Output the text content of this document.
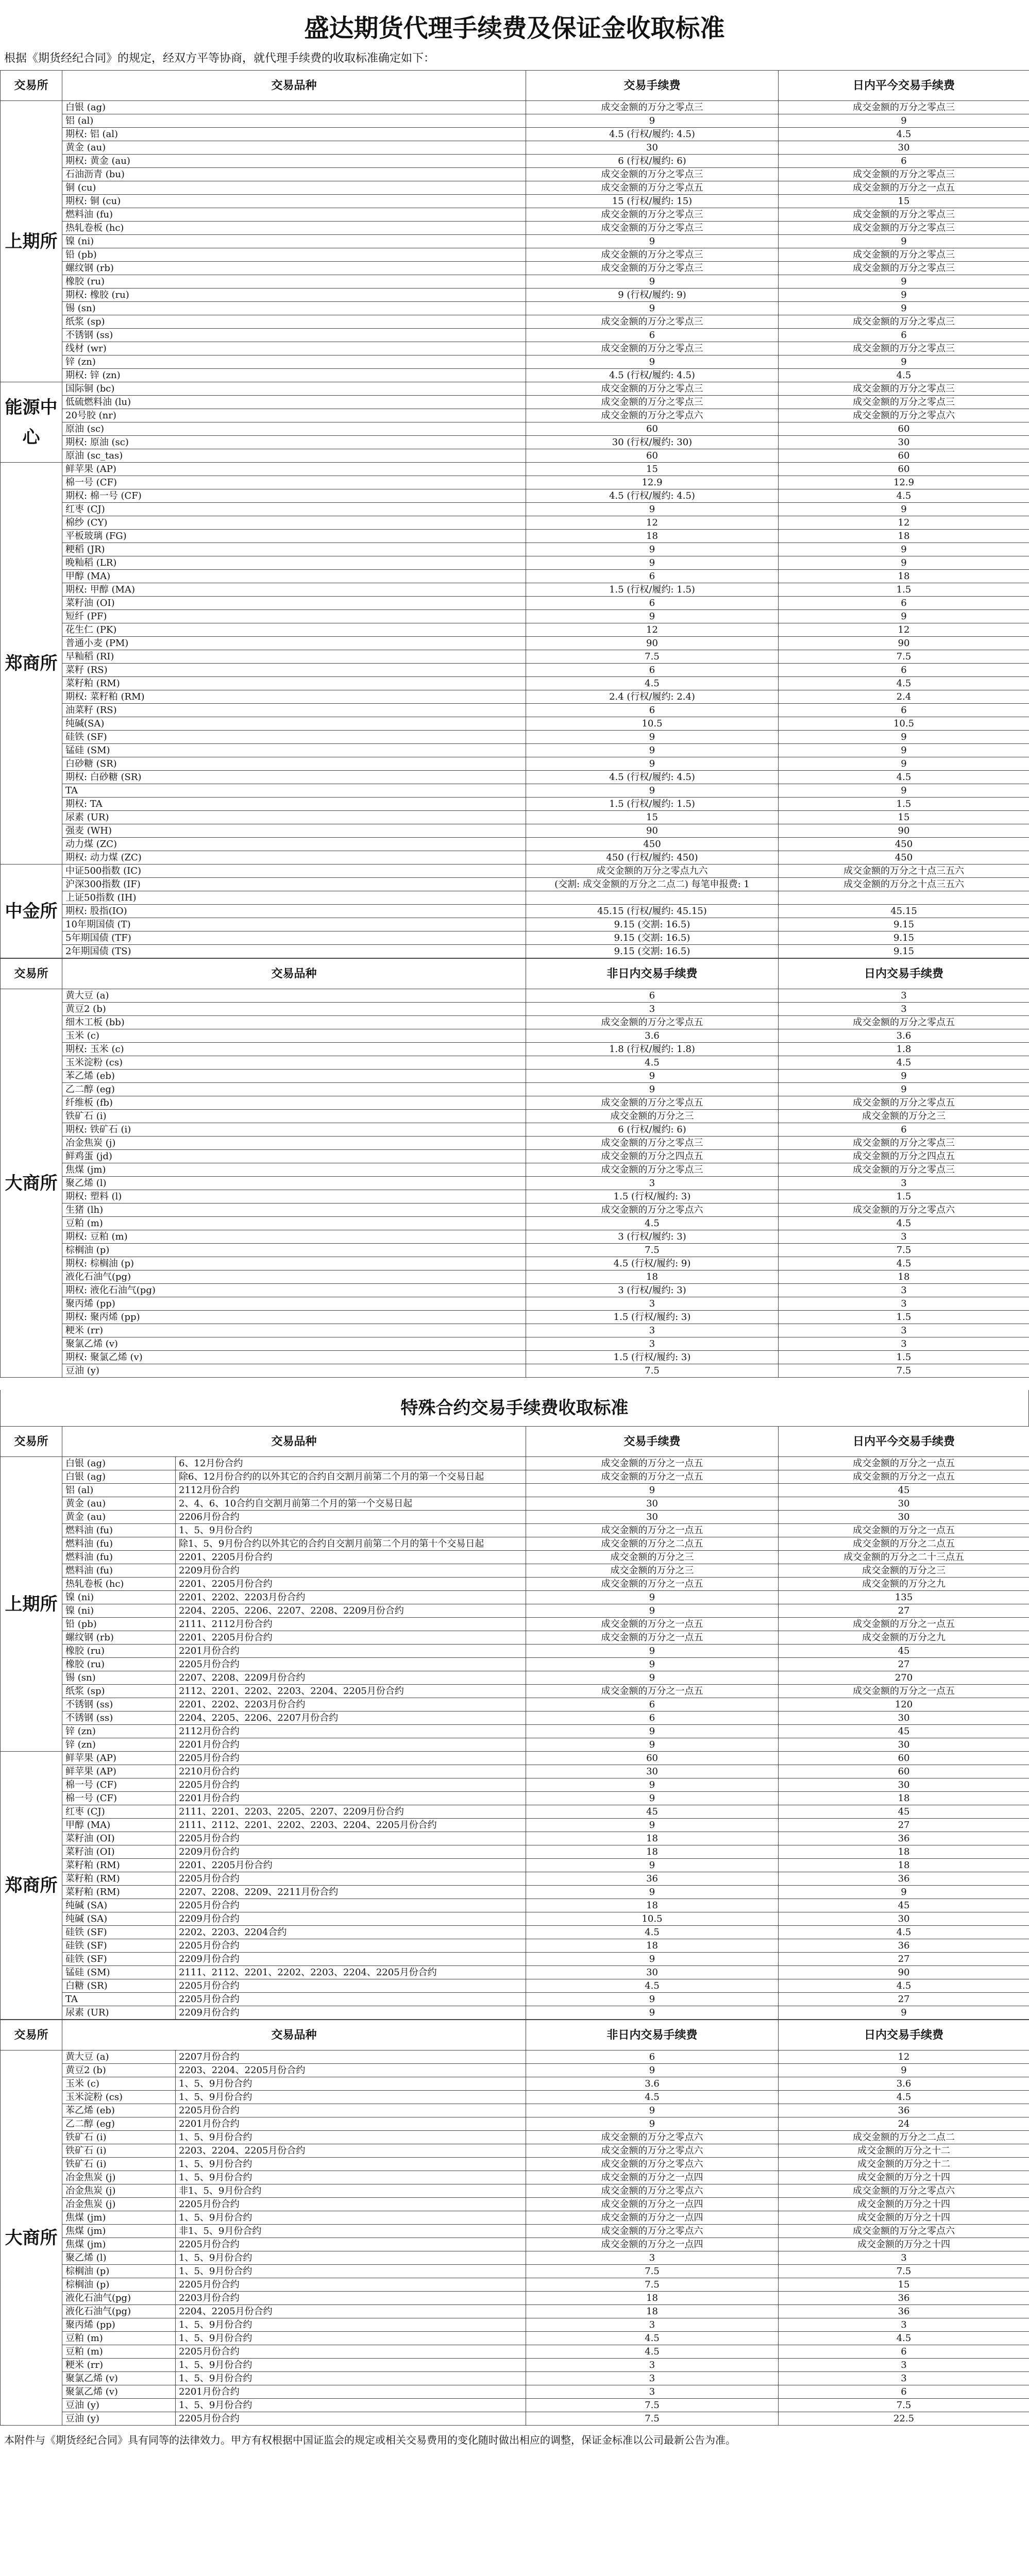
盛达期货代理手续费及保证金收取标准
根据《期货经纪合同》的规定，经双方平等协商，就代理手续费的收取标准确定如下：
交易所	交易品种	交易手续费	日内平今交易手续费
上期所	白银 (ag)	成交金额的万分之零点三	成交金额的万分之零点三
	铝 (al)	9	9
	期权: 铝 (al)	4.5 (行权/履约: 4.5)	4.5
	黄金 (au)	30	30
	期权: 黄金 (au)	6 (行权/履约: 6)	6
	石油沥青 (bu)	成交金额的万分之零点三	成交金额的万分之零点三
	铜 (cu)	成交金额的万分之零点五	成交金额的万分之一点五
	期权: 铜 (cu)	15 (行权/履约: 15)	15
	燃料油 (fu)	成交金额的万分之零点三	成交金额的万分之零点三
	热轧卷板 (hc)	成交金额的万分之零点三	成交金额的万分之零点三
	镍 (ni)	9	9
	铅 (pb)	成交金额的万分之零点三	成交金额的万分之零点三
	螺纹钢 (rb)	成交金额的万分之零点三	成交金额的万分之零点三
	橡胶 (ru)	9	9
	期权: 橡胶 (ru)	9 (行权/履约: 9)	9
	锡 (sn)	9	9
	纸浆 (sp)	成交金额的万分之零点三	成交金额的万分之零点三
	不锈钢 (ss)	6	6
	线材 (wr)	成交金额的万分之零点三	成交金额的万分之零点三
	锌 (zn)	9	9
	期权: 锌 (zn)	4.5 (行权/履约: 4.5)	4.5
能源中心	国际铜 (bc)	成交金额的万分之零点三	成交金额的万分之零点三
	低硫燃料油 (lu)	成交金额的万分之零点三	成交金额的万分之零点三
	20号胶 (nr)	成交金额的万分之零点六	成交金额的万分之零点六
	原油 (sc)	60	60
	期权: 原油 (sc)	30 (行权/履约: 30)	30
	原油 (sc_tas)	60	60
郑商所	鲜苹果 (AP)	15	60
	棉一号 (CF)	12.9	12.9
	期权: 棉一号 (CF)	4.5 (行权/履约: 4.5)	4.5
	红枣 (CJ)	9	9
	棉纱 (CY)	12	12
	平板玻璃 (FG)	18	18
	粳稻 (JR)	9	9
	晚籼稻 (LR)	9	9
	甲醇 (MA)	6	18
	期权: 甲醇 (MA)	1.5 (行权/履约: 1.5)	1.5
	菜籽油 (OI)	6	6
	短纤 (PF)	9	9
	花生仁 (PK)	12	12
	普通小麦 (PM)	90	90
	早籼稻 (RI)	7.5	7.5
	菜籽 (RS)	6	6
	菜籽粕 (RM)	4.5	4.5
	期权: 菜籽粕 (RM)	2.4 (行权/履约: 2.4)	2.4
	油菜籽 (RS)	6	6
	纯碱(SA)	10.5	10.5
	硅铁 (SF)	9	9
	锰硅 (SM)	9	9
	白砂糖 (SR)	9	9
	期权: 白砂糖 (SR)	4.5 (行权/履约: 4.5)	4.5
	TA	9	9
	期权: TA	1.5 (行权/履约: 1.5)	1.5
	尿素 (UR)	15	15
	强麦 (WH)	90	90
	动力煤 (ZC)	450	450
	期权: 动力煤 (ZC)	450 (行权/履约: 450)	450
中金所	中证500指数 (IC)	成交金额的万分之零点九六	成交金额的万分之十点三五六
	沪深300指数 (IF)	(交割: 成交金额的万分之二点二) 每笔申报费: 1	成交金额的万分之十点三五六
	上证50指数 (IH)		
	期权: 股指(IO)	45.15 (行权/履约: 45.15)	45.15
	10年期国债 (T)	9.15 (交割: 16.5)	9.15
	5年期国债 (TF)	9.15 (交割: 16.5)	9.15
	2年期国债 (TS)	9.15 (交割: 16.5)	9.15
交易所	交易品种	非日内交易手续费	日内交易手续费
大商所	黄大豆 (a)	6	3
	黄豆2 (b)	3	3
	细木工板 (bb)	成交金额的万分之零点五	成交金额的万分之零点五
	玉米 (c)	3.6	3.6
	期权: 玉米 (c)	1.8 (行权/履约: 1.8)	1.8
	玉米淀粉 (cs)	4.5	4.5
	苯乙烯 (eb)	9	9
	乙二醇 (eg)	9	9
	纤维板 (fb)	成交金额的万分之零点五	成交金额的万分之零点五
	铁矿石 (i)	成交金额的万分之三	成交金额的万分之三
	期权: 铁矿石 (i)	6 (行权/履约: 6)	6
	冶金焦炭 (j)	成交金额的万分之零点三	成交金额的万分之零点三
	鲜鸡蛋 (jd)	成交金额的万分之四点五	成交金额的万分之四点五
	焦煤 (jm)	成交金额的万分之零点三	成交金额的万分之零点三
	聚乙烯 (l)	3	3
	期权: 塑料 (l)	1.5 (行权/履约: 3)	1.5
	生猪 (lh)	成交金额的万分之零点六	成交金额的万分之零点六
	豆粕 (m)	4.5	4.5
	期权: 豆粕 (m)	3 (行权/履约: 3)	3
	棕榈油 (p)	7.5	7.5
	期权: 棕榈油 (p)	4.5 (行权/履约: 9)	4.5
	液化石油气(pg)	18	18
	期权: 液化石油气(pg)	3 (行权/履约: 3)	3
	聚丙烯 (pp)	3	3
	期权: 聚丙烯 (pp)	1.5 (行权/履约: 3)	1.5
	粳米 (rr)	3	3
	聚氯乙烯 (v)	3	3
	期权: 聚氯乙烯 (v)	1.5 (行权/履约: 3)	1.5
	豆油 (y)	7.5	7.5
特殊合约交易手续费收取标准
交易所	交易品种		交易手续费	日内平今交易手续费
上期所	白银 (ag)	6、12月份合约	成交金额的万分之一点五	成交金额的万分之一点五
	白银 (ag)	除6、12月份合约的以外其它的合约自交割月前第二个月的第一个交易日起	成交金额的万分之一点五	成交金额的万分之一点五
	铝 (al)	2112月份合约	9	45
	黄金 (au)	2、4、6、10合约自交割月前第二个月的第一个交易日起	30	30
	黄金 (au)	2206月份合约	30	30
	燃料油 (fu)	1、5、9月份合约	成交金额的万分之一点五	成交金额的万分之一点五
	燃料油 (fu)	除1、5、9月份合约以外其它的合约自交割月前第二个月的第十个交易日起	成交金额的万分之二点五	成交金额的万分之二点五
	燃料油 (fu)	2201、2205月份合约	成交金额的万分之三	成交金额的万分之二十三点五
	燃料油 (fu)	2209月份合约	成交金额的万分之三	成交金额的万分之三
	热轧卷板 (hc)	2201、2205月份合约	成交金额的万分之一点五	成交金额的万分之九
	镍 (ni)	2201、2202、2203月份合约	9	135
	镍 (ni)	2204、2205、2206、2207、2208、2209月份合约	9	27
	铅 (pb)	2111、2112月份合约	成交金额的万分之一点五	成交金额的万分之一点五
	螺纹钢 (rb)	2201、2205月份合约	成交金额的万分之一点五	成交金额的万分之九
	橡胶 (ru)	2201月份合约	9	45
	橡胶 (ru)	2205月份合约	9	27
	锡 (sn)	2207、2208、2209月份合约	9	270
	纸浆 (sp)	2112、2201、2202、2203、2204、2205月份合约	成交金额的万分之一点五	成交金额的万分之一点五
	不锈钢 (ss)	2201、2202、2203月份合约	6	120
	不锈钢 (ss)	2204、2205、2206、2207月份合约	6	30
	锌 (zn)	2112月份合约	9	45
	锌 (zn)	2201月份合约	9	30
郑商所	鲜苹果 (AP)	2205月份合约	60	60
	鲜苹果 (AP)	2210月份合约	30	60
	棉一号 (CF)	2205月份合约	9	30
	棉一号 (CF)	2201月份合约	9	18
	红枣 (CJ)	2111、2201、2203、2205、2207、2209月份合约	45	45
	甲醇 (MA)	2111、2112、2201、2202、2203、2204、2205月份合约	9	27
	菜籽油 (OI)	2205月份合约	18	36
	菜籽油 (OI)	2209月份合约	18	18
	菜籽粕 (RM)	2201、2205月份合约	9	18
	菜籽粕 (RM)	2205月份合约	36	36
	菜籽粕 (RM)	2207、2208、2209、2211月份合约	9	9
	纯碱 (SA)	2205月份合约	18	45
	纯碱 (SA)	2209月份合约	10.5	30
	硅铁 (SF)	2202、2203、2204合约	4.5	4.5
	硅铁 (SF)	2205月份合约	18	36
	硅铁 (SF)	2209月份合约	9	27
	锰硅 (SM)	2111、2112、2201、2202、2203、2204、2205月份合约	30	90
	白糖 (SR)	2205月份合约	4.5	4.5
	TA	2205月份合约	9	27
	尿素 (UR)	2209月份合约	9	9
交易所	交易品种		非日内交易手续费	日内交易手续费
大商所	黄大豆 (a)	2207月份合约	6	12
	黄豆2 (b)	2203、2204、2205月份合约	9	9
	玉米 (c)	1、5、9月份合约	3.6	3.6
	玉米淀粉 (cs)	1、5、9月份合约	4.5	4.5
	苯乙烯 (eb)	2205月份合约	9	36
	乙二醇 (eg)	2201月份合约	9	24
	铁矿石 (i)	1、5、9月份合约	成交金额的万分之零点六	成交金额的万分之二点二
	铁矿石 (i)	2203、2204、2205月份合约	成交金额的万分之零点六	成交金额的万分之十二
	铁矿石 (i)	1、5、9月份合约	成交金额的万分之零点六	成交金额的万分之十二
	冶金焦炭 (j)	1、5、9月份合约	成交金额的万分之一点四	成交金额的万分之十四
	冶金焦炭 (j)	非1、5、9月份合约	成交金额的万分之零点六	成交金额的万分之零点六
	冶金焦炭 (j)	2205月份合约	成交金额的万分之一点四	成交金额的万分之十四
	焦煤 (jm)	1、5、9月份合约	成交金额的万分之一点四	成交金额的万分之十四
	焦煤 (jm)	非1、5、9月份合约	成交金额的万分之零点六	成交金额的万分之零点六
	焦煤 (jm)	2205月份合约	成交金额的万分之一点四	成交金额的万分之十四
	聚乙烯 (l)	1、5、9月份合约	3	3
	棕榈油 (p)	1、5、9月份合约	7.5	7.5
	棕榈油 (p)	2205月份合约	7.5	15
	液化石油气(pg)	2203月份合约	18	36
	液化石油气(pg)	2204、2205月份合约	18	36
	聚丙烯 (pp)	1、5、9月份合约	3	3
	豆粕 (m)	1、5、9月份合约	4.5	4.5
	豆粕 (m)	2205月份合约	4.5	6
	粳米 (rr)	1、5、9月份合约	3	3
	聚氯乙烯 (v)	1、5、9月份合约	3	3
	聚氯乙烯 (v)	2201月份合约	3	6
	豆油 (y)	1、5、9月份合约	7.5	7.5
	豆油 (y)	2205月份合约	7.5	22.5
本附件与《期货经纪合同》具有同等的法律效力。甲方有权根据中国证监会的规定或相关交易费用的变化随时做出相应的调整，保证金标准以公司最新公告为准。
